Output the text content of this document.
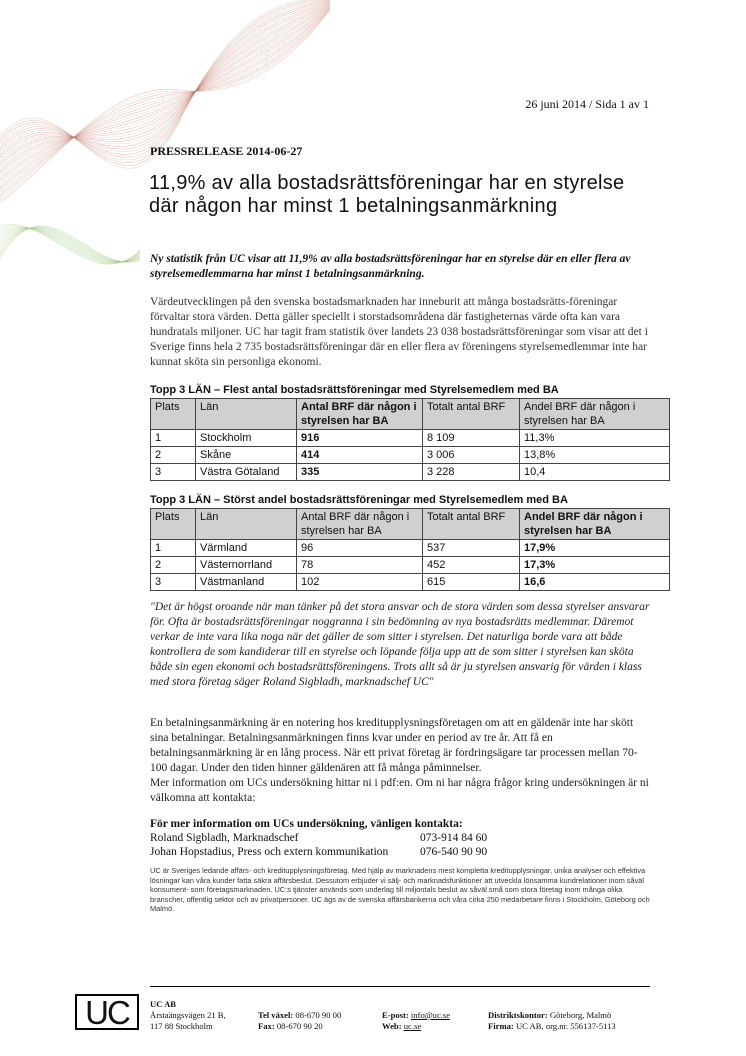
26 juni 2014 / Sida 1 av 1
PRESSRELEASE 2014-06-27
11,9% av alla bostadsrättsföreningar har en styrelse där någon har minst 1 betalningsanmärkning
Ny statistik från UC visar att 11,9% av alla bostadsrättsföreningar har en styrelse där en eller flera av styrelsemedlemmarna har minst 1 betalningsanmärkning.
Värdeutvecklingen på den svenska bostadsmarknaden har inneburit att många bostadsrätts-föreningar förvaltar stora värden. Detta gäller speciellt i storstadsområdena där fastigheternas värde ofta kan vara hundratals miljoner. UC har tagit fram statistik över landets 23 038 bostadsrättsföreningar som visar att det i Sverige finns hela 2 735 bostadsrättsföreningar där en eller flera av föreningens styrelsemedlemmar inte har kunnat sköta sin personliga ekonomi.
Topp 3 LÄN – Flest antal bostadsrättsföreningar med Styrelsemedlem med BA
Plats	Län	Antal BRF där någon i styrelsen har BA	Totalt antal BRF	Andel BRF där någon i styrelsen har BA
1	Stockholm	916	8 109	11,3%
2	Skåne	414	3 006	13,8%
3	Västra Götaland	335	3 228	10,4
Topp 3 LÄN – Störst andel bostadsrättsföreningar med Styrelsemedlem med BA
Plats	Län	Antal BRF där någon i styrelsen har BA	Totalt antal BRF	Andel BRF där någon i styrelsen har BA
1	Värmland	96	537	17,9%
2	Västernorrland	78	452	17,3%
3	Västmanland	102	615	16,6
"Det är högst oroande när man tänker på det stora ansvar och de stora värden som dessa styrelser ansvarar för. Ofta är bostadsrättsföreningar noggranna i sin bedömning av nya bostadsrätts medlemmar. Däremot verkar de inte vara lika noga när det gäller de som sitter i styrelsen. Det naturliga borde vara att både kontrollera de som kandiderar till en styrelse och löpande följa upp att de som sitter i styrelsen kan sköta både sin egen ekonomi och bostadsrättsföreningens. Trots allt så är ju styrelsen ansvarig för värden i klass med stora företag säger Roland Sigbladh, marknadschef UC"
En betalningsanmärkning är en notering hos kreditupplysningsföretagen om att en gäldenär inte har skött sina betalningar. Betalningsanmärkningen finns kvar under en period av tre år. Att få en betalningsanmärkning är en lång process. När ett privat företag är fordringsägare tar processen mellan 70-100 dagar. Under den tiden hinner gäldenären att få många påminnelser.
Mer information om UCs undersökning hittar ni i pdf:en. Om ni har några frågor kring undersökningen är ni välkomna att kontakta:
För mer information om UCs undersökning, vänligen kontakta:
Roland Sigbladh, Marknadschef	073-914 84 60
Johan Hopstadius, Press och extern kommunikation	076-540 90 90
UC är Sveriges ledande affärs- och kreditupplysningsföretag. Med hjälp av marknadens mest kompletta kreditupplysningar, unika analyser och effektiva lösningar kan våra kunder fatta säkra affärsbeslut. Dessutom erbjuder vi sälj- och marknadsfunktioner att utveckla lönsamma kundrelationer inom såväl konsument- som företagsmarknaden. UC:s tjänster används som underlag till miljontals beslut av såväl små som stora företag inom många olika branscher, offentlig sektor och av privatpersoner. UC ägs av de svenska affärsbankerna och våra cirka 250 medarbetare finns i Stockholm, Göteborg och Malmö.
UC	UC AB
Årstaängsvägen 21 B,
117 88 Stockholm
Tel växel: 08-670 90 00
Fax: 08-670 90 20
E-post: info@uc.se
Web: uc.se
Distriktskontor: Göteborg, Malmö
Firma: UC AB, org.nr. 556137-5113
